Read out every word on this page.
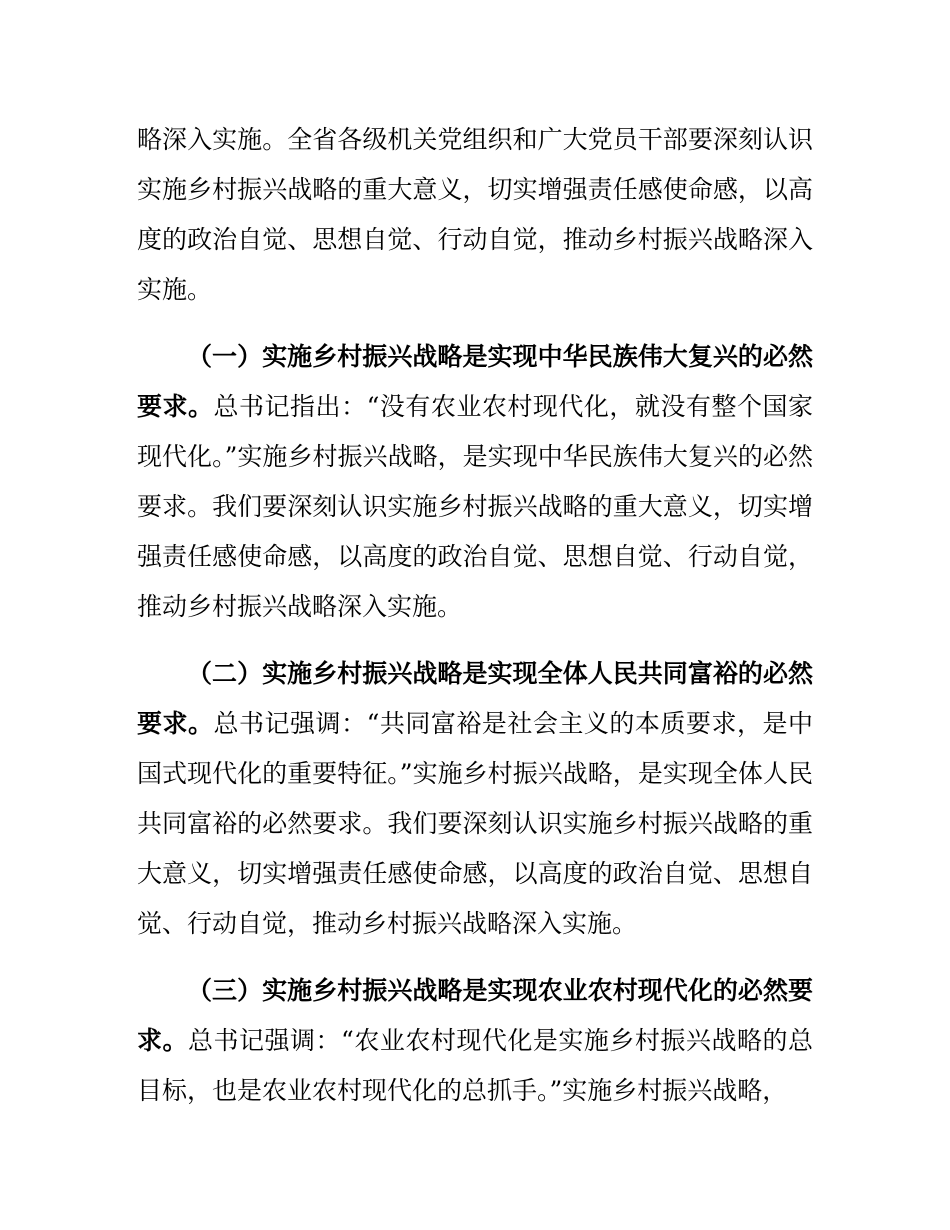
略深入实施。全省各级机关党组织和广大党员干部要深刻认识实施乡村振兴战略的重大意义，切实增强责任感使命感，以高度的政治自觉、思想自觉、行动自觉，推动乡村振兴战略深入实施。

（一）实施乡村振兴战略是实现中华民族伟大复兴的必然要求。总书记指出：“没有农业农村现代化，就没有整个国家现代化。”实施乡村振兴战略，是实现中华民族伟大复兴的必然要求。我们要深刻认识实施乡村振兴战略的重大意义，切实增强责任感使命感，以高度的政治自觉、思想自觉、行动自觉，推动乡村振兴战略深入实施。

（二）实施乡村振兴战略是实现全体人民共同富裕的必然要求。总书记强调：“共同富裕是社会主义的本质要求，是中国式现代化的重要特征。”实施乡村振兴战略，是实现全体人民共同富裕的必然要求。我们要深刻认识实施乡村振兴战略的重大意义，切实增强责任感使命感，以高度的政治自觉、思想自觉、行动自觉，推动乡村振兴战略深入实施。

（三）实施乡村振兴战略是实现农业农村现代化的必然要求。总书记强调：“农业农村现代化是实施乡村振兴战略的总目标，也是农业农村现代化的总抓手。”实施乡村振兴战略，
